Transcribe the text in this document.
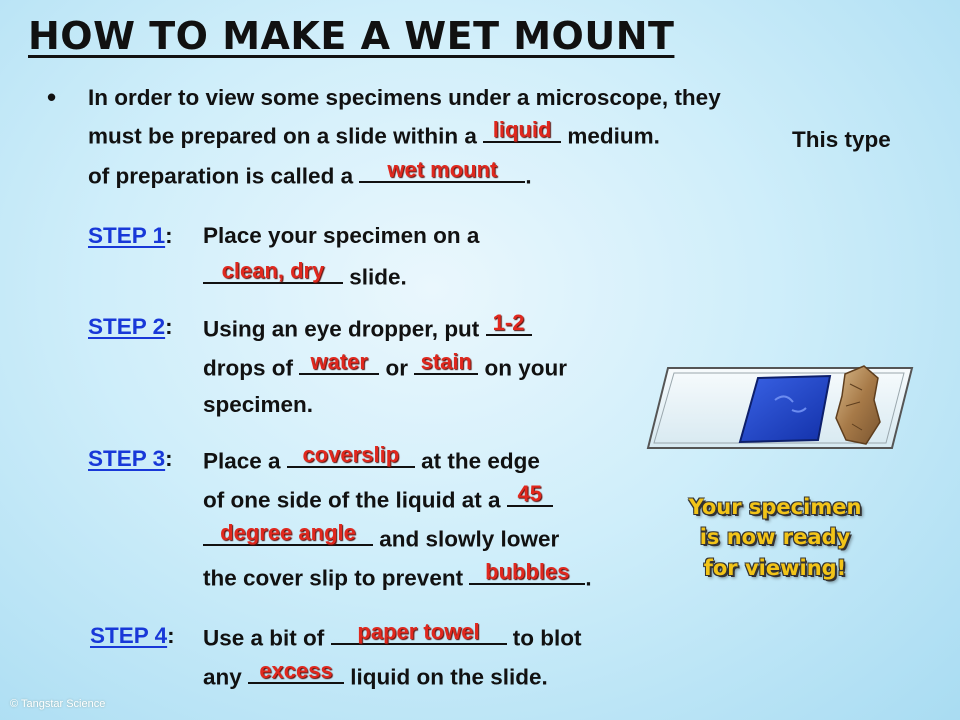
HOW TO MAKE A WET MOUNT
• In order to view some specimens under a microscope, they
must be prepared on a slide within a liquid medium.	This type
of preparation is called a wet mount .
STEP 1: Place your specimen on a
clean, dry slide.
STEP 2: Using an eye dropper, put 1-2
drops of water or stain on your
specimen.
STEP 3: Place a coverslip at the edge
of one side of the liquid at a 45
degree angle and slowly lower
the cover slip to prevent bubbles .
STEP 4: Use a bit of paper towel to blot
any excess liquid on the slide.
Your specimen
is now ready
for viewing!
© Tangstar Science
